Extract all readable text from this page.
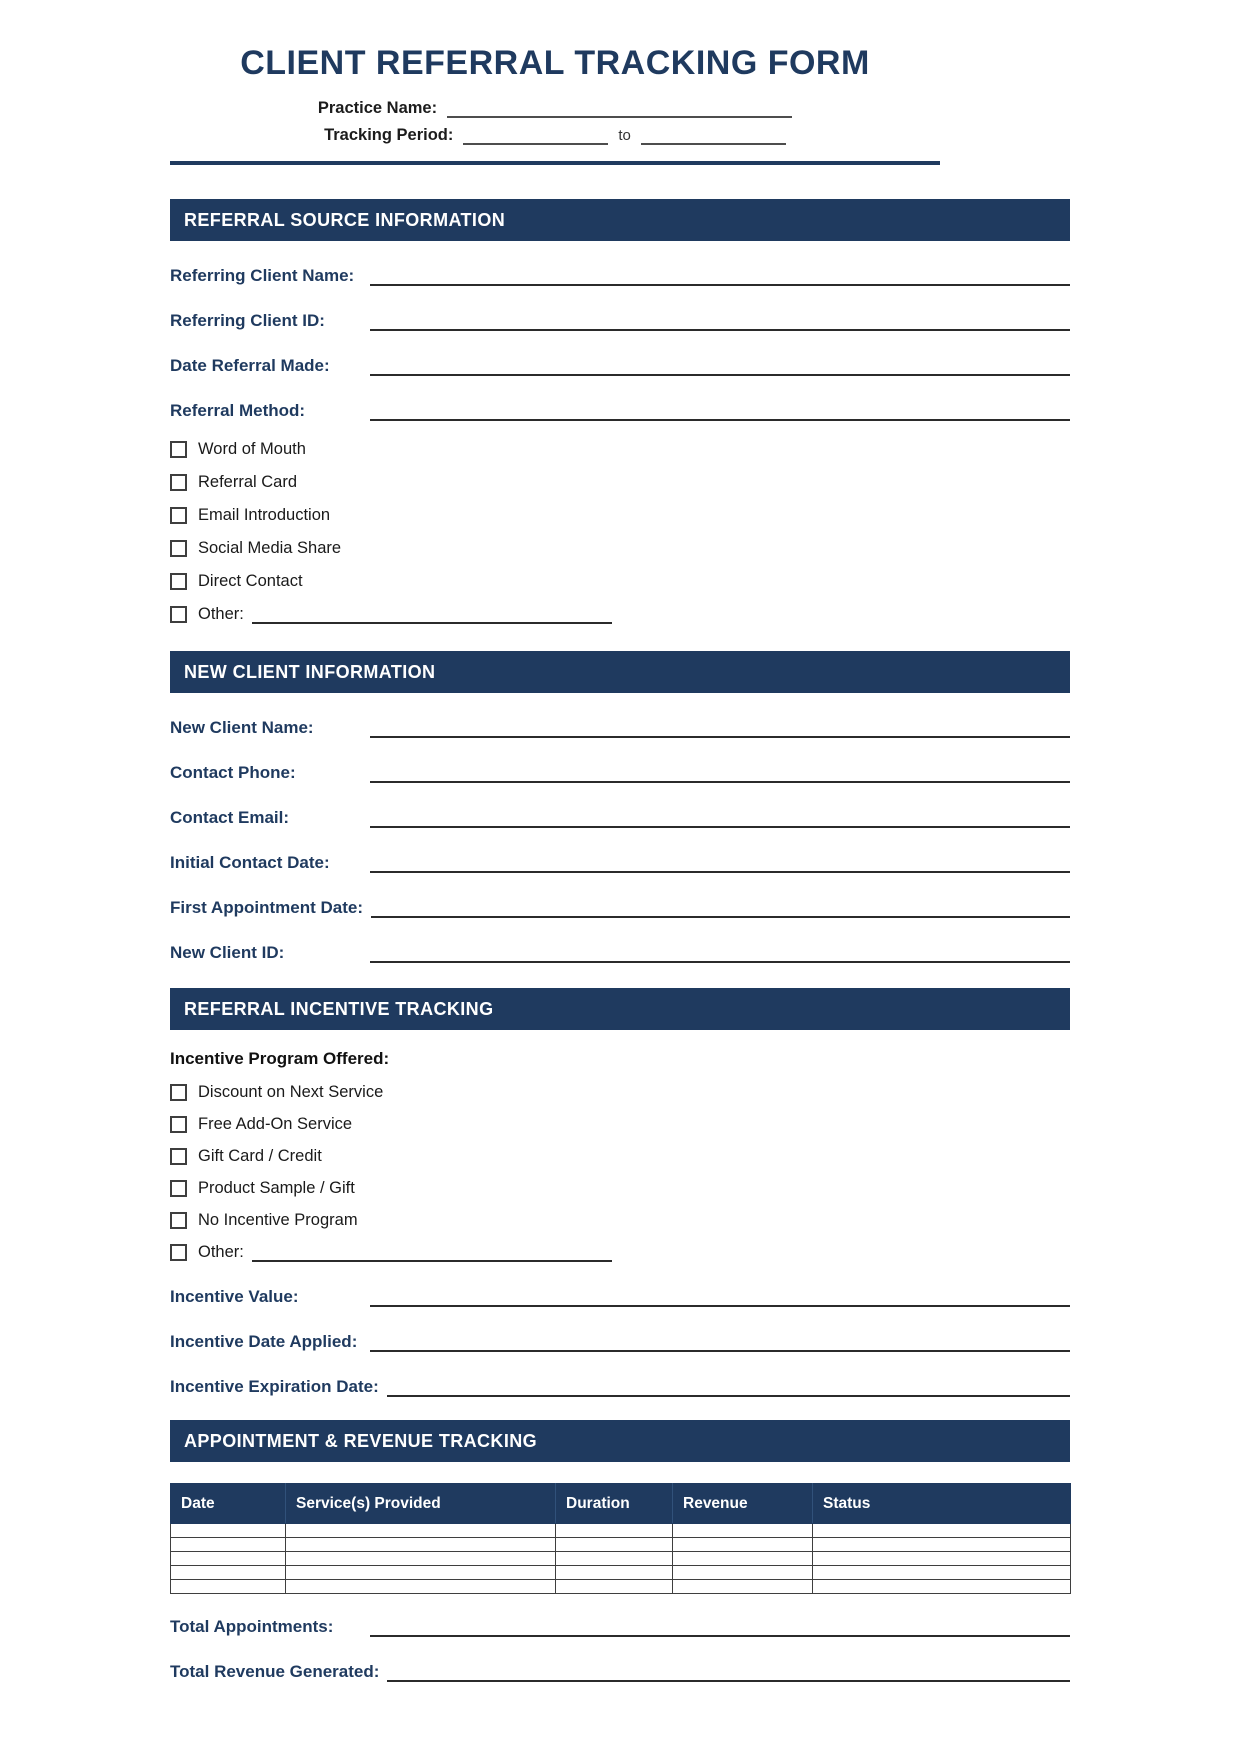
CLIENT REFERRAL TRACKING FORM
Practice Name:
Tracking Period:	to
REFERRAL SOURCE INFORMATION
Referring Client Name:
Referring Client ID:
Date Referral Made:
Referral Method:
Word of Mouth
Referral Card
Email Introduction
Social Media Share
Direct Contact
Other:
NEW CLIENT INFORMATION
New Client Name:
Contact Phone:
Contact Email:
Initial Contact Date:
First Appointment Date:
New Client ID:
REFERRAL INCENTIVE TRACKING
Incentive Program Offered:
Discount on Next Service
Free Add-On Service
Gift Card / Credit
Product Sample / Gift
No Incentive Program
Other:
Incentive Value:
Incentive Date Applied:
Incentive Expiration Date:
APPOINTMENT & REVENUE TRACKING
Date	Service(s) Provided	Duration	Revenue	Status

Total Appointments:
Total Revenue Generated:
